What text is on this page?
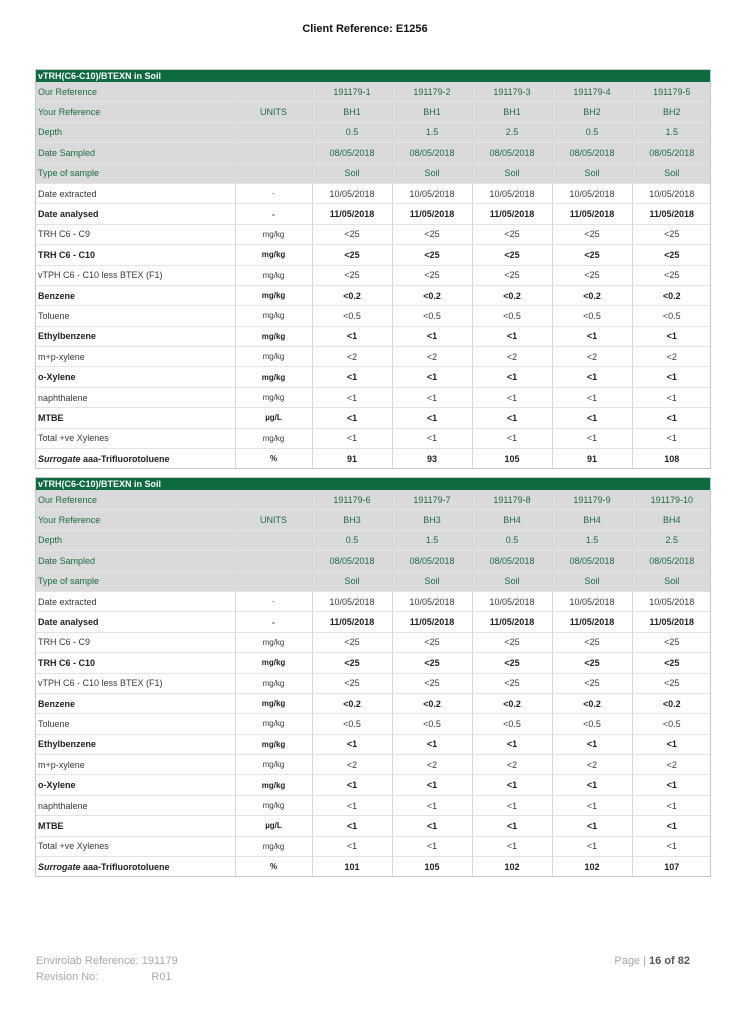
Client Reference: E1256
vTRH(C6-C10)/BTEXN in Soil						
Our Reference		191179-1	191179-2	191179-3	191179-4	191179-5
Your Reference	UNITS	BH1	BH1	BH1	BH2	BH2
Depth		0.5	1.5	2.5	0.5	1.5
Date Sampled		08/05/2018	08/05/2018	08/05/2018	08/05/2018	08/05/2018
Type of sample		Soil	Soil	Soil	Soil	Soil
Date extracted	-	10/05/2018	10/05/2018	10/05/2018	10/05/2018	10/05/2018
Date analysed	-	11/05/2018	11/05/2018	11/05/2018	11/05/2018	11/05/2018
TRH C6 - C9	mg/kg	<25	<25	<25	<25	<25
TRH C6 - C10	mg/kg	<25	<25	<25	<25	<25
vTPH C6 - C10 less BTEX (F1)	mg/kg	<25	<25	<25	<25	<25
Benzene	mg/kg	<0.2	<0.2	<0.2	<0.2	<0.2
Toluene	mg/kg	<0.5	<0.5	<0.5	<0.5	<0.5
Ethylbenzene	mg/kg	<1	<1	<1	<1	<1
m+p-xylene	mg/kg	<2	<2	<2	<2	<2
o-Xylene	mg/kg	<1	<1	<1	<1	<1
naphthalene	mg/kg	<1	<1	<1	<1	<1
MTBE	µg/L	<1	<1	<1	<1	<1
Total +ve Xylenes	mg/kg	<1	<1	<1	<1	<1
Surrogate aaa-Trifluorotoluene	%	91	93	105	91	108
vTRH(C6-C10)/BTEXN in Soil						
Our Reference		191179-6	191179-7	191179-8	191179-9	191179-10
Your Reference	UNITS	BH3	BH3	BH4	BH4	BH4
Depth		0.5	1.5	0.5	1.5	2.5
Date Sampled		08/05/2018	08/05/2018	08/05/2018	08/05/2018	08/05/2018
Type of sample		Soil	Soil	Soil	Soil	Soil
Date extracted	-	10/05/2018	10/05/2018	10/05/2018	10/05/2018	10/05/2018
Date analysed	-	11/05/2018	11/05/2018	11/05/2018	11/05/2018	11/05/2018
TRH C6 - C9	mg/kg	<25	<25	<25	<25	<25
TRH C6 - C10	mg/kg	<25	<25	<25	<25	<25
vTPH C6 - C10 less BTEX (F1)	mg/kg	<25	<25	<25	<25	<25
Benzene	mg/kg	<0.2	<0.2	<0.2	<0.2	<0.2
Toluene	mg/kg	<0.5	<0.5	<0.5	<0.5	<0.5
Ethylbenzene	mg/kg	<1	<1	<1	<1	<1
m+p-xylene	mg/kg	<2	<2	<2	<2	<2
o-Xylene	mg/kg	<1	<1	<1	<1	<1
naphthalene	mg/kg	<1	<1	<1	<1	<1
MTBE	µg/L	<1	<1	<1	<1	<1
Total +ve Xylenes	mg/kg	<1	<1	<1	<1	<1
Surrogate aaa-Trifluorotoluene	%	101	105	102	102	107
Envirolab Reference: 191179
Revision No:	R01
Page | 16 of 82
